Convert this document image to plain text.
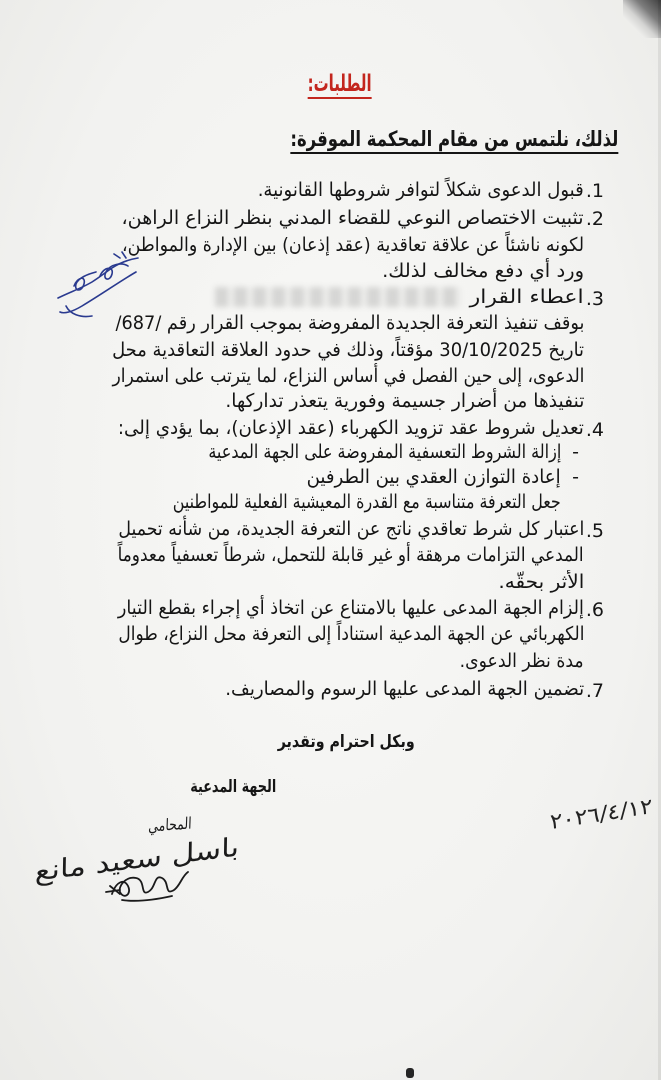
الطلبات:
لذلك، نلتمس من مقام المحكمة الموقرة:
1.
قبول الدعوى شكلاً لتوافر شروطها القانونية.
2.
تثبيت الاختصاص النوعي للقضاء المدني بنظر النزاع الراهن،
لكونه ناشئاً عن علاقة تعاقدية (عقد إذعان) بين الإدارة والمواطن،
ورد أي دفع مخالف لذلك.
3.
اعطاء القرار
بوقف تنفيذ التعرفة الجديدة المفروضة بموجب القرار رقم /687/
تاريخ 30/10/2025 مؤقتاً، وذلك في حدود العلاقة التعاقدية محل
الدعوى، إلى حين الفصل في أساس النزاع، لما يترتب على استمرار
تنفيذها من أضرار جسيمة وفورية يتعذر تداركها.
4.
تعديل شروط عقد تزويد الكهرباء (عقد الإذعان)، بما يؤدي إلى:
-
إزالة الشروط التعسفية المفروضة على الجهة المدعية
-
إعادة التوازن العقدي بين الطرفين
جعل التعرفة متناسبة مع القدرة المعيشية الفعلية للمواطنين
5.
اعتبار كل شرط تعاقدي ناتج عن التعرفة الجديدة، من شأنه تحميل
المدعي التزامات مرهقة أو غير قابلة للتحمل، شرطاً تعسفياً معدوماً
الأثر بحقّه.
6.
إلزام الجهة المدعى عليها بالامتناع عن اتخاذ أي إجراء بقطع التيار
الكهربائي عن الجهة المدعية استناداً إلى التعرفة محل النزاع، طوال
مدة نظر الدعوى.
7.
تضمين الجهة المدعى عليها الرسوم والمصاريف.
وبكل احترام وتقدير
الجهة المدعية
المحامي
باسل سعيد مانع
٢٠٢٦/٤/١٢
